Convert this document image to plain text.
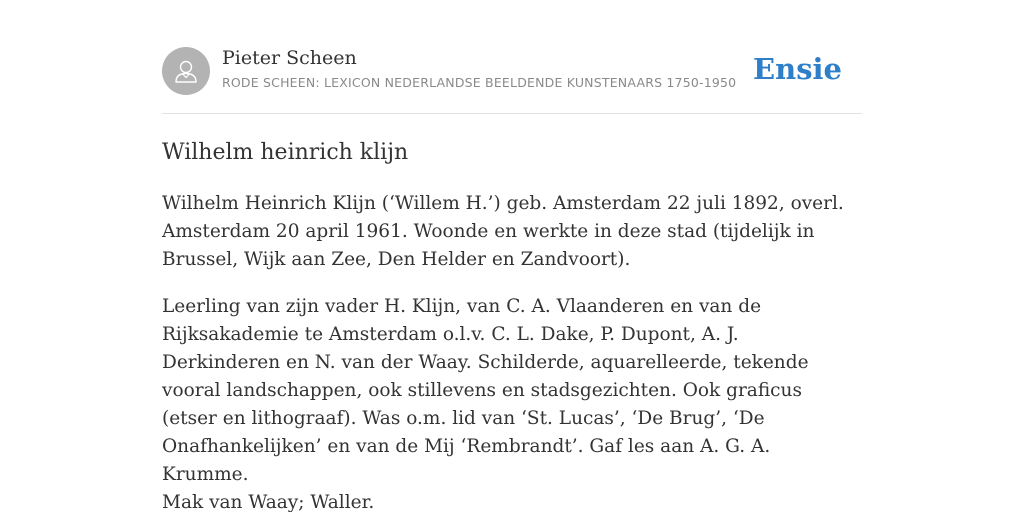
Pieter Scheen
RODE SCHEEN: LEXICON NEDERLANDSE BEELDENDE KUNSTENAARS 1750-1950 Ensie
Wilhelm heinrich klijn

Wilhelm Heinrich Klijn (‘Willem H.’) geb. Amsterdam 22 juli 1892, overl. Amsterdam 20 april 1961. Woonde en werkte in deze stad (tijdelijk in Brussel, Wijk aan Zee, Den Helder en Zandvoort).

Leerling van zijn vader H. Klijn, van C. A. Vlaanderen en van de Rijksakademie te Amsterdam o.l.v. C. L. Dake, P. Dupont, A. J. Derkinderen en N. van der Waay. Schilderde, aquarelleerde, tekende vooral landschappen, ook stillevens en stadsgezichten. Ook graficus (etser en lithograaf). Was o.m. lid van ‘St. Lucas’, ‘De Brug’, ‘De Onafhankelijken’ en van de Mij ‘Rembrandt’. Gaf les aan A. G. A. Krumme.

Mak van Waay; Waller.
